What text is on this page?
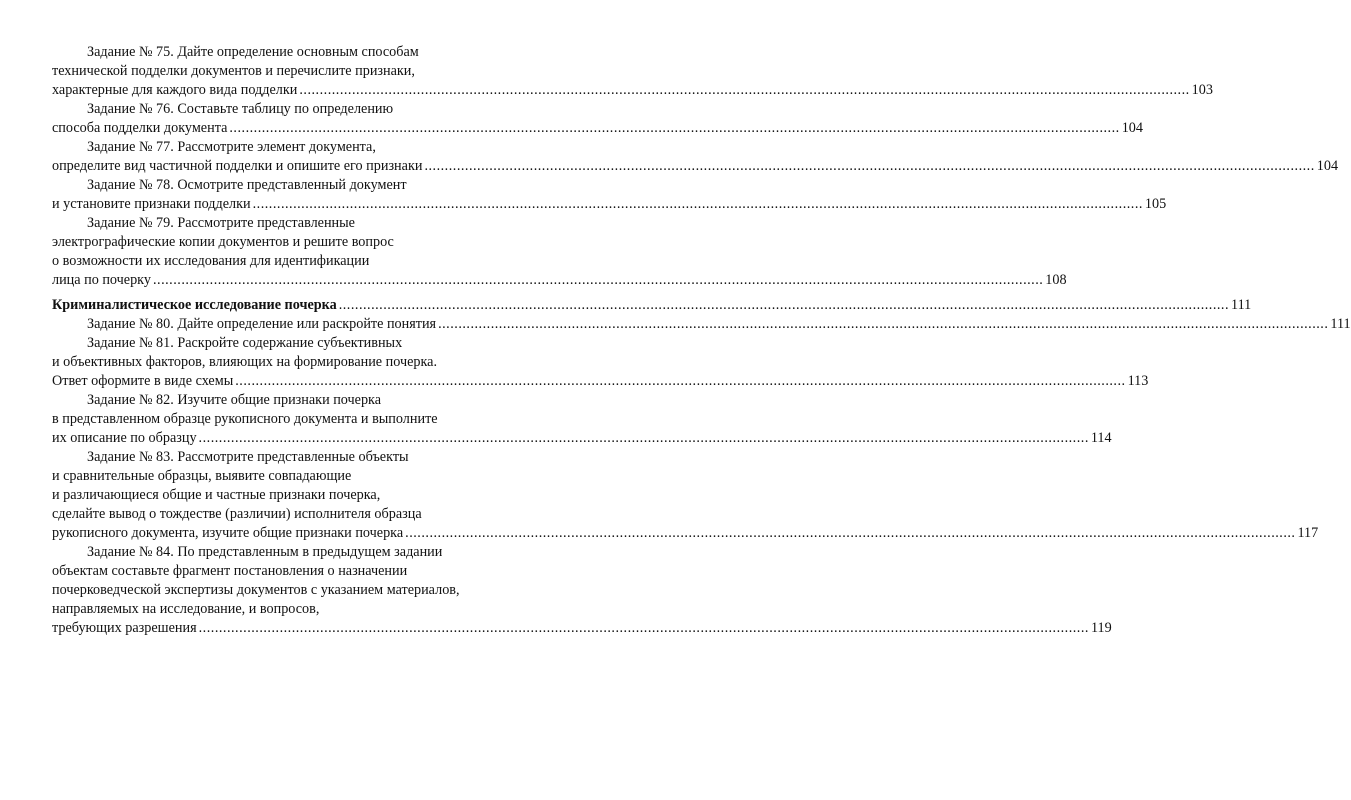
Задание № 75. Дайте определение основным способам
технической подделки документов и перечислите признаки,
характерные для каждого вида подделки ............................................................................................................................................................................................................................ 103
Задание № 76. Составьте таблицу по определению
способа подделки документа ............................................................................................................................................................................................................................ 104
Задание № 77. Рассмотрите элемент документа,
определите вид частичной подделки и опишите его признаки ............................................................................................................................................................................................................................ 104
Задание № 78. Осмотрите представленный документ
и установите признаки подделки ............................................................................................................................................................................................................................ 105
Задание № 79. Рассмотрите представленные
электрографические копии документов и решите вопрос
о возможности их исследования для идентификации
лица по почерку ............................................................................................................................................................................................................................ 108
Криминалистическое исследование почерка ............................................................................................................................................................................................................................ 111
Задание № 80. Дайте определение или раскройте понятия ............................................................................................................................................................................................................................ 111
Задание № 81. Раскройте содержание субъективных
и объективных факторов, влияющих на формирование почерка.
Ответ оформите в виде схемы ............................................................................................................................................................................................................................ 113
Задание № 82. Изучите общие признаки почерка
в представленном образце рукописного документа и выполните
их описание по образцу ............................................................................................................................................................................................................................ 114
Задание № 83. Рассмотрите представленные объекты
и сравнительные образцы, выявите совпадающие
и различающиеся общие и частные признаки почерка,
сделайте вывод о тождестве (различии) исполнителя образца
рукописного документа, изучите общие признаки почерка ............................................................................................................................................................................................................................ 117
Задание № 84. По представленным в предыдущем задании
объектам составьте фрагмент постановления о назначении
почерковедческой экспертизы документов с указанием материалов,
направляемых на исследование, и вопросов,
требующих разрешения ............................................................................................................................................................................................................................ 119
